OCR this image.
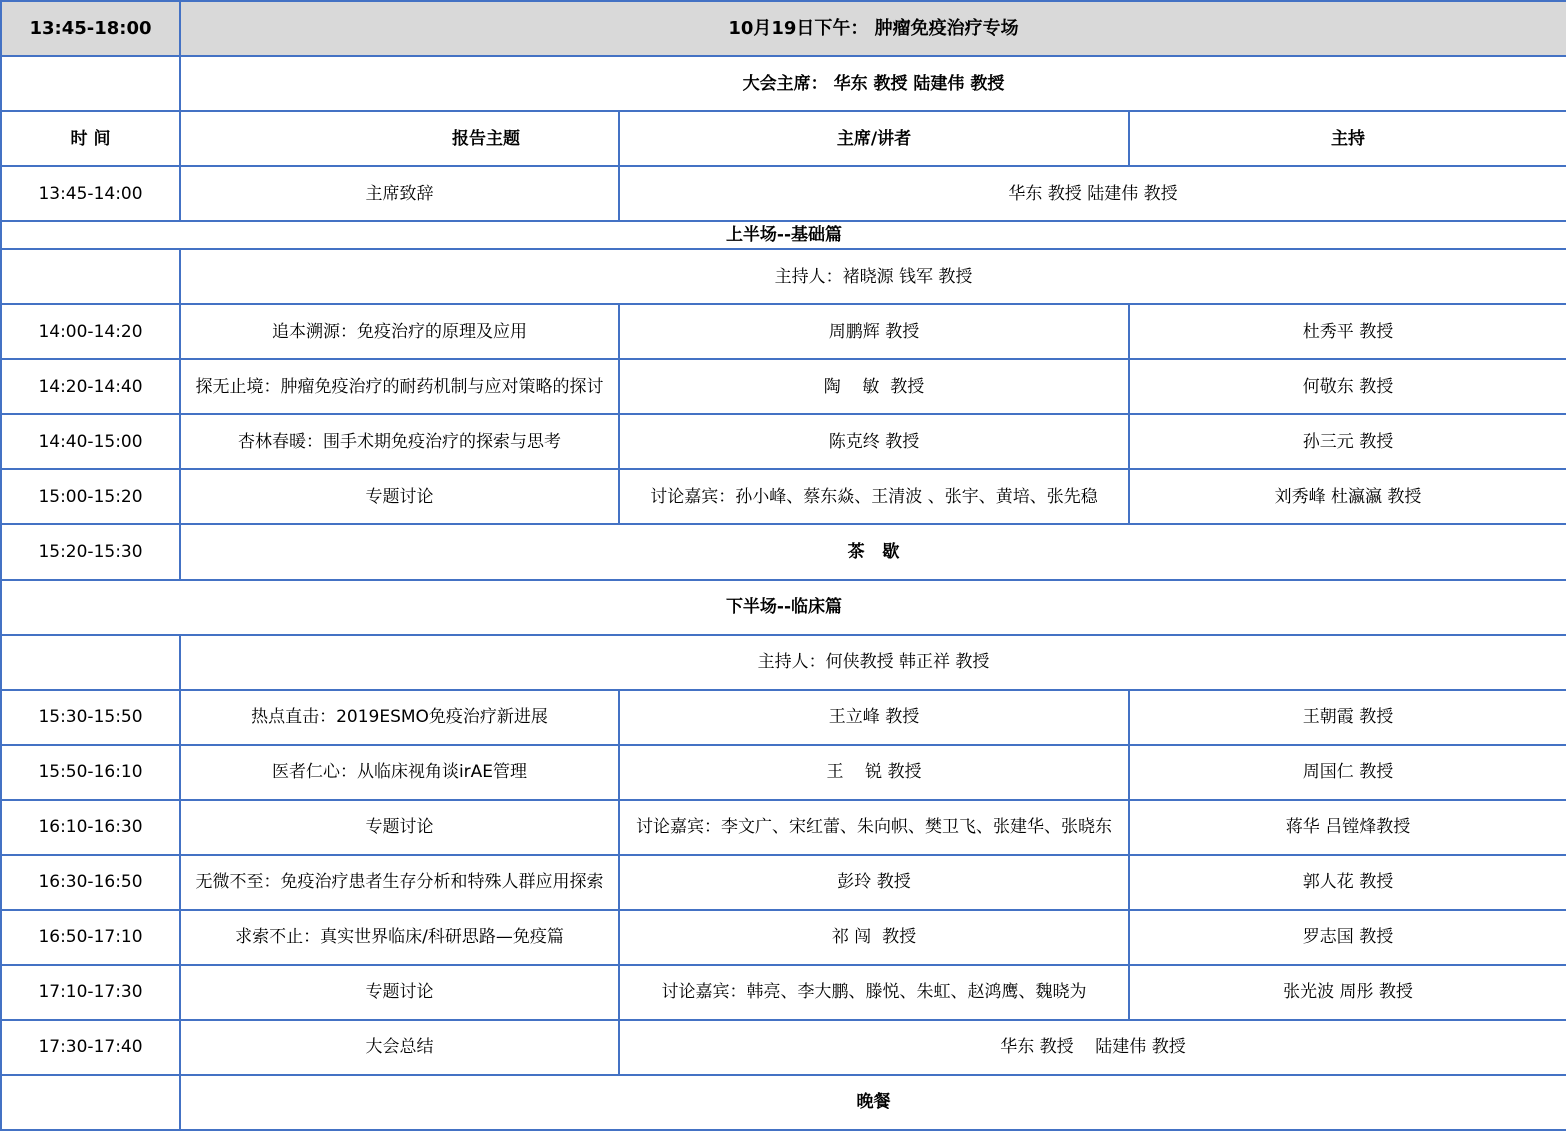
13:45-18:00	10月19日下午： 肿瘤免疫治疗专场		
	大会主席： 华东 教授 陆建伟 教授		
时 间	报告主题	主席/讲者	主持
13:45-14:00	主席致辞	华东 教授 陆建伟 教授	
上半场--基础篇			
	主持人：褚晓源 钱军 教授		
14:00-14:20	追本溯源：免疫治疗的原理及应用	周鹏辉 教授	杜秀平 教授
14:20-14:40	探无止境：肿瘤免疫治疗的耐药机制与应对策略的探讨	陶    敏  教授	何敬东 教授
14:40-15:00	杏林春暖：围手术期免疫治疗的探索与思考	陈克终 教授	孙三元 教授
15:00-15:20	专题讨论	讨论嘉宾：孙小峰、蔡东焱、王清波 、张宇、黄培、张先稳	刘秀峰 杜瀛瀛 教授
15:20-15:30	茶   歇		
下半场--临床篇			
	主持人：何侠教授 韩正祥 教授		
15:30-15:50	热点直击：2019ESMO免疫治疗新进展	王立峰 教授	王朝霞 教授
15:50-16:10	医者仁心：从临床视角谈irAE管理	王    锐 教授	周国仁 教授
16:10-16:30	专题讨论	讨论嘉宾：李文广、宋红蕾、朱向帜、樊卫飞、张建华、张晓东	蒋华 吕镗烽教授
16:30-16:50	无微不至：免疫治疗患者生存分析和特殊人群应用探索	彭玲 教授	郭人花 教授
16:50-17:10	求索不止：真实世界临床/科研思路—免疫篇	祁 闯  教授	罗志国 教授
17:10-17:30	专题讨论	讨论嘉宾：韩亮、李大鹏、滕悦、朱虹、赵鸿鹰、魏晓为	张光波 周彤 教授
17:30-17:40	大会总结	华东 教授    陆建伟 教授	
	晚餐		
